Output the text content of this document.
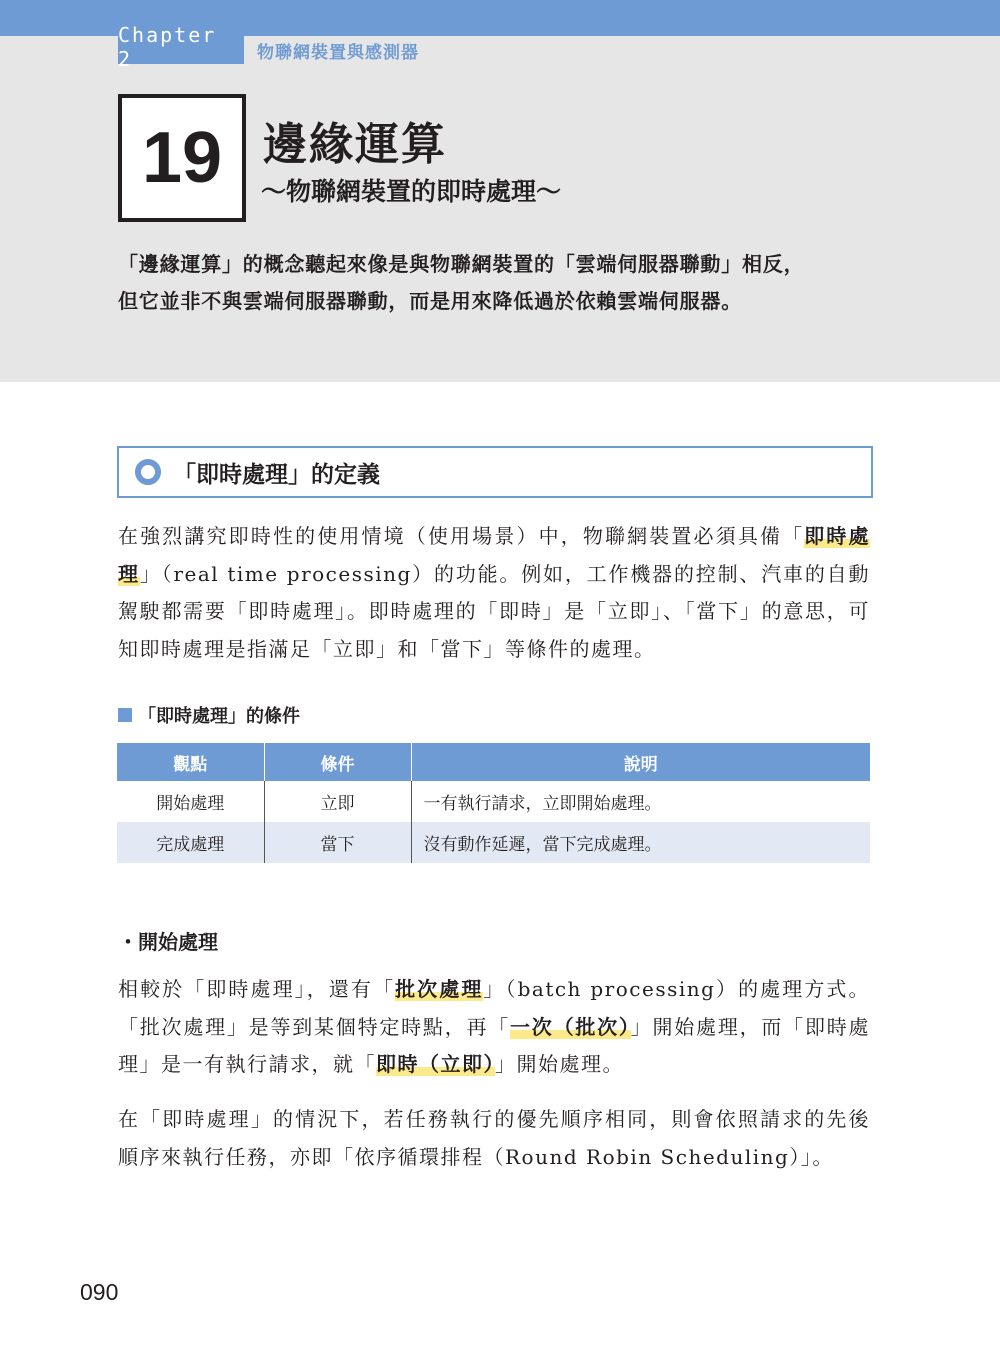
Chapter 2	物聯網裝置與感測器
19 邊緣運算
～物聯網裝置的即時處理～

「邊緣運算」的概念聽起來像是與物聯網裝置的「雲端伺服器聯動」相反，

但它並非不與雲端伺服器聯動，而是用來降低過於依賴雲端伺服器。

「即時處理」的定義

在強烈講究即時性的使用情境（使用場景）中，物聯網裝置必須具備「即時處理」（real time processing）的功能。例如，工作機器的控制、汽車的自動駕駛都需要「即時處理」。即時處理的「即時」是「立即」、「當下」的意思，可知即時處理是指滿足「立即」和「當下」等條件的處理。

「即時處理」的條件
觀點	條件	說明
開始處理	立即	一有執行請求，立即開始處理。
完成處理	當下	沒有動作延遲，當下完成處理。
・開始處理

相較於「即時處理」，還有「批次處理」（batch processing）的處理方式。「批次處理」是等到某個特定時點，再「一次（批次）」開始處理，而「即時處理」是一有執行請求，就「即時（立即）」開始處理。

在「即時處理」的情況下，若任務執行的優先順序相同，則會依照請求的先後順序來執行任務，亦即「依序循環排程（Round Robin Scheduling）」。

090
